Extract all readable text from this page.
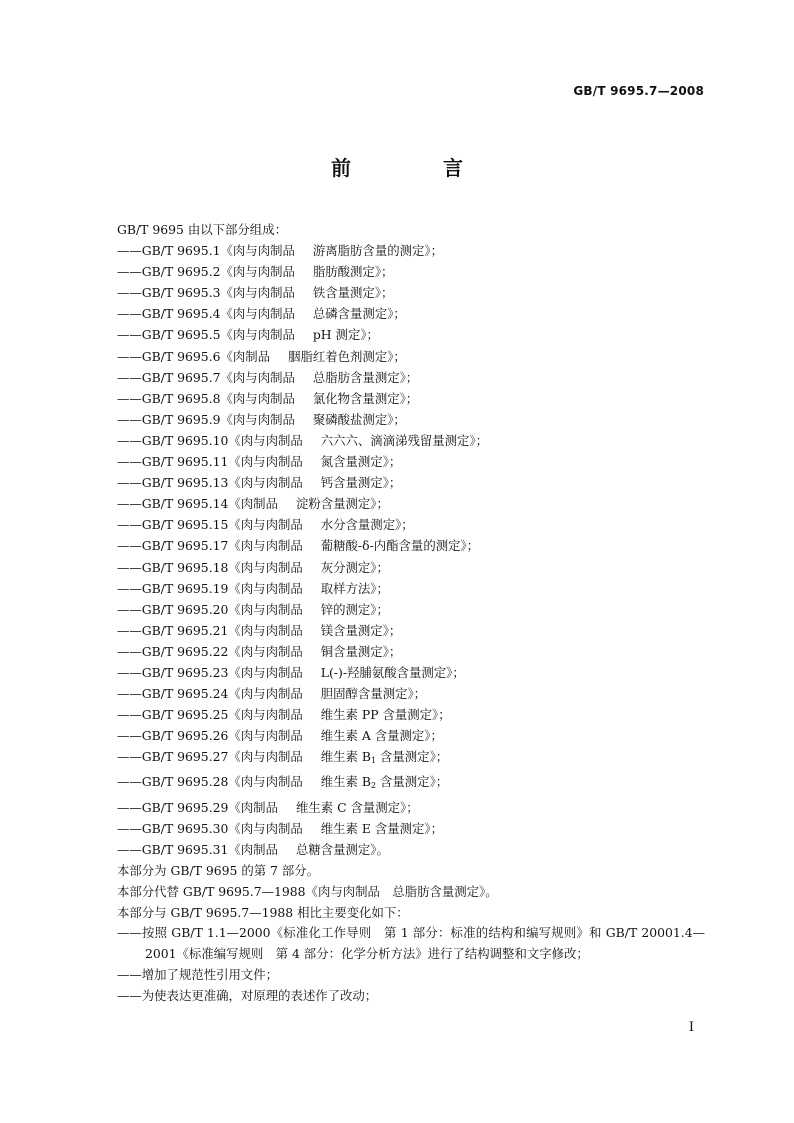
GB/T 9695.7—2008
前　言
GB/T 9695 由以下部分组成：
——GB/T 9695.1《肉与肉制品 游离脂肪含量的测定》；
——GB/T 9695.2《肉与肉制品 脂肪酸测定》；
——GB/T 9695.3《肉与肉制品 铁含量测定》；
——GB/T 9695.4《肉与肉制品 总磷含量测定》；
——GB/T 9695.5《肉与肉制品 pH 测定》；
——GB/T 9695.6《肉制品 胭脂红着色剂测定》；
——GB/T 9695.7《肉与肉制品 总脂肪含量测定》；
——GB/T 9695.8《肉与肉制品 氯化物含量测定》；
——GB/T 9695.9《肉与肉制品 聚磷酸盐测定》；
——GB/T 9695.10《肉与肉制品 六六六、滴滴涕残留量测定》；
——GB/T 9695.11《肉与肉制品 氮含量测定》；
——GB/T 9695.13《肉与肉制品 钙含量测定》；
——GB/T 9695.14《肉制品 淀粉含量测定》；
——GB/T 9695.15《肉与肉制品 水分含量测定》；
——GB/T 9695.17《肉与肉制品 葡糖酸-δ-内酯含量的测定》；
——GB/T 9695.18《肉与肉制品 灰分测定》；
——GB/T 9695.19《肉与肉制品 取样方法》；
——GB/T 9695.20《肉与肉制品 锌的测定》；
——GB/T 9695.21《肉与肉制品 镁含量测定》；
——GB/T 9695.22《肉与肉制品 铜含量测定》；
——GB/T 9695.23《肉与肉制品 L(-)-羟脯氨酸含量测定》；
——GB/T 9695.24《肉与肉制品 胆固醇含量测定》；
——GB/T 9695.25《肉与肉制品 维生素 PP 含量测定》；
——GB/T 9695.26《肉与肉制品 维生素 A 含量测定》；
——GB/T 9695.27《肉与肉制品 维生素 $B_1$ 含量测定》；
——GB/T 9695.28《肉与肉制品 维生素 $B_2$ 含量测定》；
——GB/T 9695.29《肉制品 维生素 C 含量测定》；
——GB/T 9695.30《肉与肉制品 维生素 E 含量测定》；
——GB/T 9695.31《肉制品 总糖含量测定》。
本部分为 GB/T 9695 的第 7 部分。
本部分代替 GB/T 9695.7—1988《肉与肉制品　总脂肪含量测定》。
本部分与 GB/T 9695.7—1988 相比主要变化如下：
——按照 GB/T 1.1—2000《标准化工作导则　第 1 部分：标准的结构和编写规则》和 GB/T 20001.4—2001《标准编写规则　第 4 部分：化学分析方法》进行了结构调整和文字修改；
——增加了规范性引用文件；
——为使表达更准确，对原理的表述作了改动；
I
